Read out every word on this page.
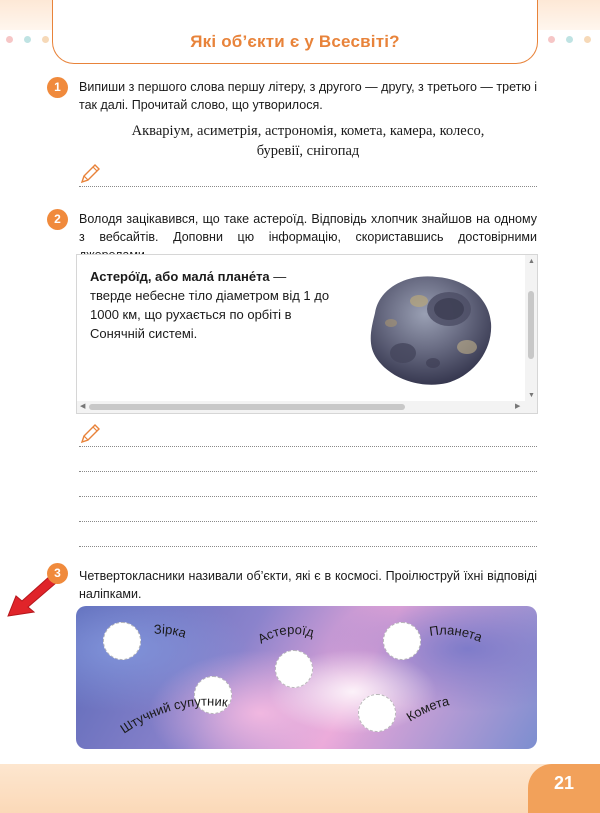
Які об’єкти є у Всесвіті?
1	Випиши з першого слова першу літеру, з другого — другу, з третього — третю і так далі. Прочитай слово, що утворилося.
Акваріум, асиметрія, астрономія, комета, камера, колесо,
буревії, снігопад
2	Володя зацікавився, що таке астероїд. Відповідь хлопчик знайшов на одному з вебсайтів. Доповни цю інформацію, скориставшись достовірними
Астеро́їд, або мала́ плане́та — тверде небесне тіло діаметром від 1 до 1000 км, що рухається по орбіті в Сонячній системі.
▲
▼
◀	▶
3	Четвертокласники називали об’єкти, які є в космосі. Проілюструй їхні відповіді наліпками.
Зірка	Астероїд	Планета
Штучний супутник
Комета
21
